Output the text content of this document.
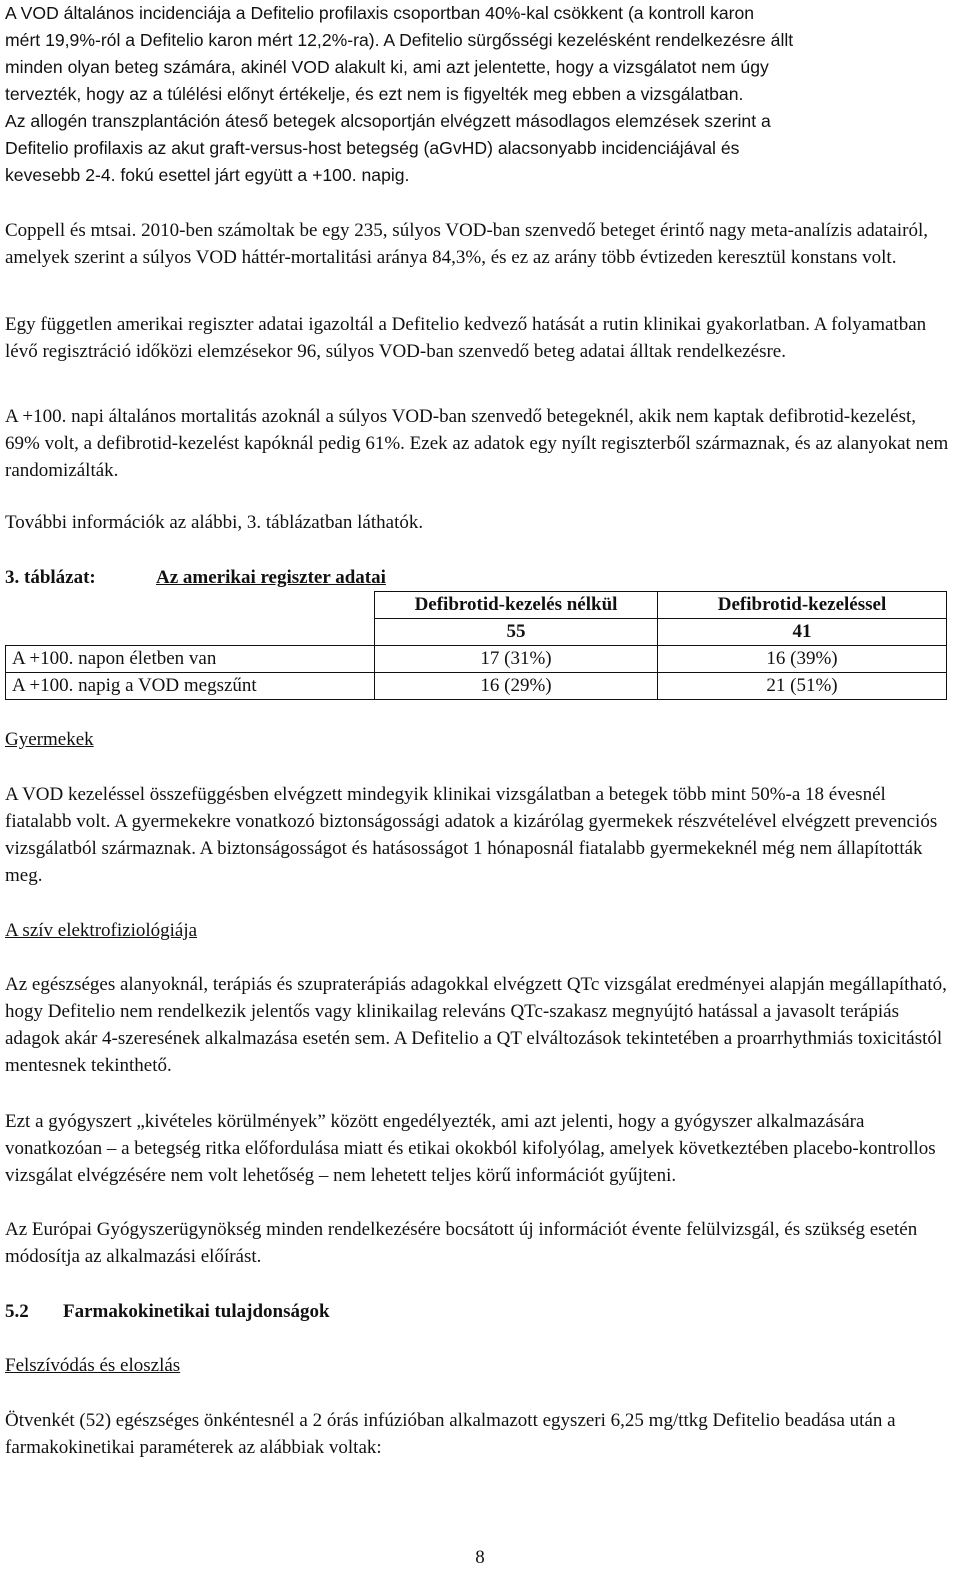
A VOD általános incidenciája a Defitelio profilaxis csoportban 40%-kal csökkent (a kontroll karon

mért 19,9%-ról a Defitelio karon mért 12,2%-ra). A Defitelio sürgősségi kezelésként rendelkezésre állt

minden olyan beteg számára, akinél VOD alakult ki, ami azt jelentette, hogy a vizsgálatot nem úgy

tervezték, hogy az a túlélési előnyt értékelje, és ezt nem is figyelték meg ebben a vizsgálatban.

Az allogén transzplantáción áteső betegek alcsoportján elvégzett másodlagos elemzések szerint a

Defitelio profilaxis az akut graft-versus-host betegség (aGvHD) alacsonyabb incidenciájával és

kevesebb 2-4. fokú esettel járt együtt a +100. napig.

Coppell és mtsai. 2010-ben számoltak be egy 235, súlyos VOD-ban szenvedő beteget érintő nagy meta-analízis adatairól, amelyek szerint a súlyos VOD háttér-mortalitási aránya 84,3%, és ez az arány több évtizeden keresztül konstans volt.

Egy független amerikai regiszter adatai igazoltál a Defitelio kedvező hatását a rutin klinikai gyakorlatban. A folyamatban lévő regisztráció időközi elemzésekor 96, súlyos VOD-ban szenvedő beteg adatai álltak rendelkezésre.

A +100. napi általános mortalitás azoknál a súlyos VOD-ban szenvedő betegeknél, akik nem kaptak defibrotid-kezelést, 69% volt, a defibrotid-kezelést kapóknál pedig 61%. Ezek az adatok egy nyílt regiszterből származnak, és az alanyokat nem randomizálták.

További információk az alábbi, 3. táblázatban láthatók.

3. táblázat:	Az amerikai regiszter adatai
	Defibrotid-kezelés nélkül	Defibrotid-kezeléssel
	55	41
A +100. napon életben van	17 (31%)	16 (39%)
A +100. napig a VOD megszűnt	16 (29%)	21 (51%)

Gyermekek

A VOD kezeléssel összefüggésben elvégzett mindegyik klinikai vizsgálatban a betegek több mint 50%-a 18 évesnél fiatalabb volt. A gyermekekre vonatkozó biztonságossági adatok a kizárólag gyermekek részvételével elvégzett prevenciós vizsgálatból származnak. A biztonságosságot és hatásosságot 1 hónaposnál fiatalabb gyermekeknél még nem állapították meg.

A szív elektrofiziológiája

Az egészséges alanyoknál, terápiás és szupraterápiás adagokkal elvégzett QTc vizsgálat eredményei alapján megállapítható, hogy Defitelio nem rendelkezik jelentős vagy klinikailag releváns QTc-szakasz megnyújtó hatással a javasolt terápiás adagok akár 4-szeresének alkalmazása esetén sem. A Defitelio a QT elváltozások tekintetében a proarrhythmiás toxicitástól mentesnek tekinthető.

Ezt a gyógyszert „kivételes körülmények” között engedélyezték, ami azt jelenti, hogy a gyógyszer alkalmazására vonatkozóan – a betegség ritka előfordulása miatt és etikai okokból kifolyólag, amelyek következtében placebo-kontrollos vizsgálat elvégzésére nem volt lehetőség – nem lehetett teljes körű információt gyűjteni.

Az Európai Gyógyszerügynökség minden rendelkezésére bocsátott új információt évente felülvizsgál, és szükség esetén módosítja az alkalmazási előírást.

5.2	Farmakokinetikai tulajdonságok

Felszívódás és eloszlás

Ötvenkét (52) egészséges önkéntesnél a 2 órás infúzióban alkalmazott egyszeri 6,25 mg/ttkg Defitelio beadása után a farmakokinetikai paraméterek az alábbiak voltak:

8
